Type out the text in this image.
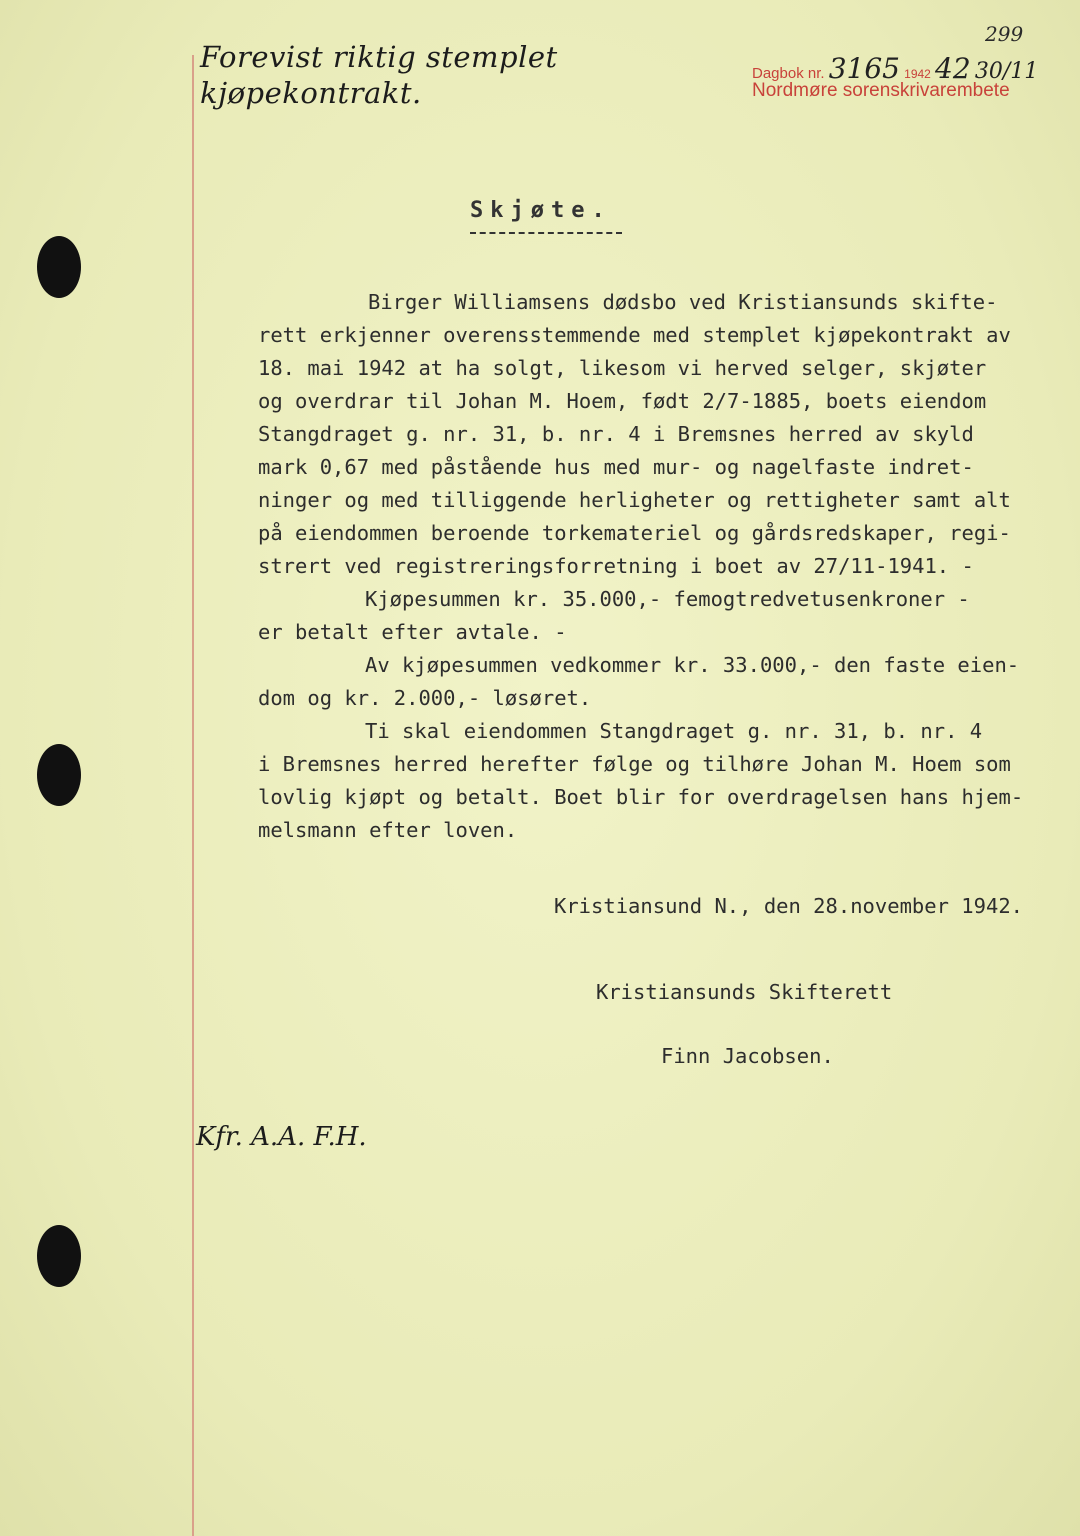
Forevist riktig stemplet
kjøpekontrakt.
299
Dagbok nr. 3165 1942 42 30/11
Nordmøre sorenskrivarembete
Skjøte.
Birger Williamsens dødsbo ved Kristiansunds skifte-
rett erkjenner overensstemmende med stemplet kjøpekontrakt av
18. mai 1942 at ha solgt, likesom vi herved selger, skjøter
og overdrar til Johan M. Hoem, født 2/7-1885, boets eiendom
Stangdraget g. nr. 31, b. nr. 4 i Bremsnes herred av skyld
mark 0,67 med påstående hus med mur- og nagelfaste indret-
ninger og med tilliggende herligheter og rettigheter samt alt
på eiendommen beroende torkemateriel og gårdsredskaper, regi-
strert ved registreringsforretning i boet av 27/11-1941. -
Kjøpesummen kr. 35.000,- femogtredvetusenkroner -
er betalt efter avtale. -
Av kjøpesummen vedkommer kr. 33.000,- den faste eien-
dom og kr. 2.000,- løsøret.
Ti skal eiendommen Stangdraget g. nr. 31, b. nr. 4
i Bremsnes herred herefter følge og tilhøre Johan M. Hoem som
lovlig kjøpt og betalt. Boet blir for overdragelsen hans hjem-
melsmann efter loven.
Kristiansund N., den 28.november 1942.
Kristiansunds Skifterett
Finn Jacobsen.
Kfr. A.A. F.H.
